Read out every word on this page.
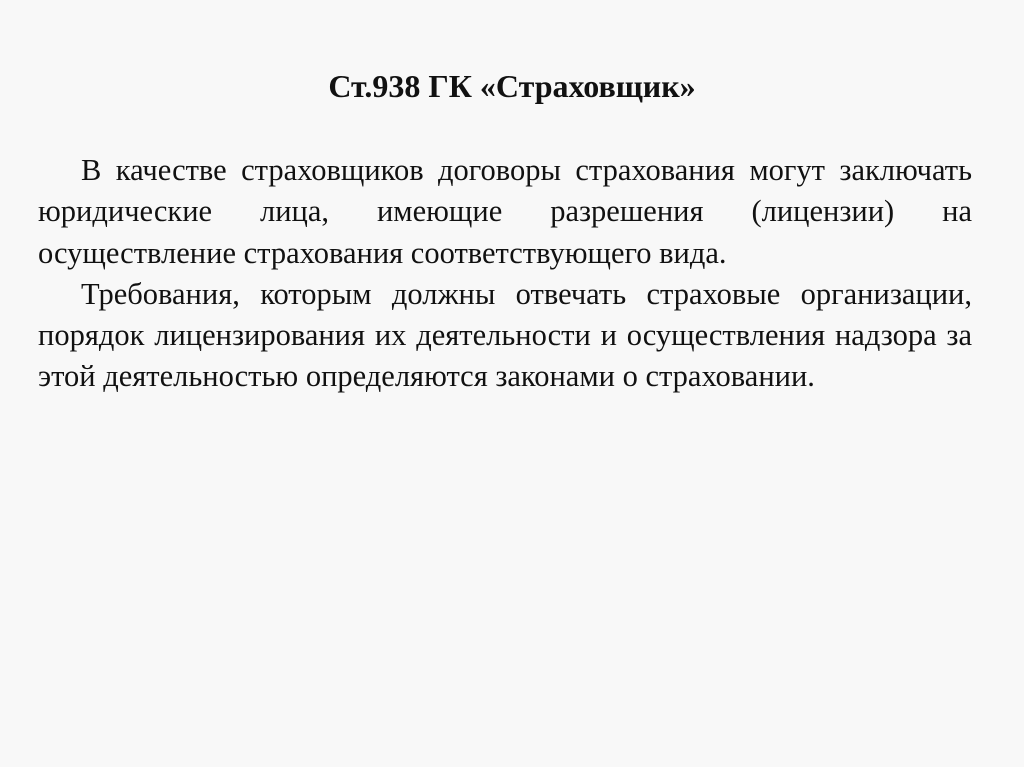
Ст.938 ГК «Страховщик»

В качестве страховщиков договоры страхования могут заключать юридические лица, имеющие разрешения (лицензии) на осуществление страхования соответствующего вида.

Требования, которым должны отвечать страховые организации, порядок лицензирования их деятельности и осуществления надзора за этой деятельностью определяются законами о страховании.
